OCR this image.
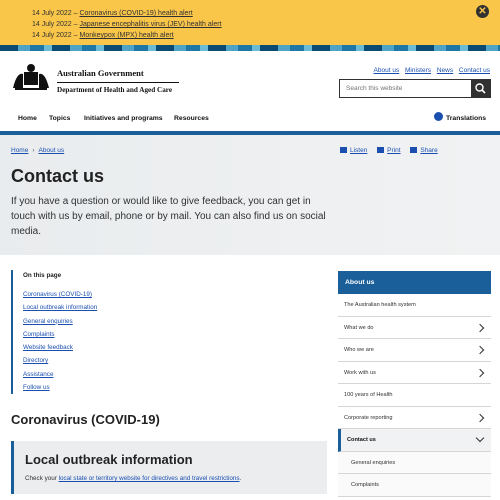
14 July 2022 – Coronavirus (COVID-19) health alert
14 July 2022 – Japanese encephalitis virus (JEV) health alert
14 July 2022 – Monkeypox (MPX) health alert
✕
Australian Government
Department of Health and Aged Care
About us Ministers News Contact us
Search this website
Home Topics Initiatives and programs Resources	Translations
Home › About us	Listen	Print	Share
Contact us

If you have a question or would like to give feedback, you can get in touch with us by email, phone or by mail. You can also find us on social media.

On this page
Coronavirus (COVID-19)
Local outbreak information
General enquiries
Complaints
Website feedback
Directory
Assistance
Follow us
Coronavirus (COVID-19)
Local outbreak information

Check your local state or territory website for directives and travel restrictions.

About us
The Australian health system
What we do
Who we are
Work with us
100 years of Health
Corporate reporting
Contact us
General enquiries
Complaints
